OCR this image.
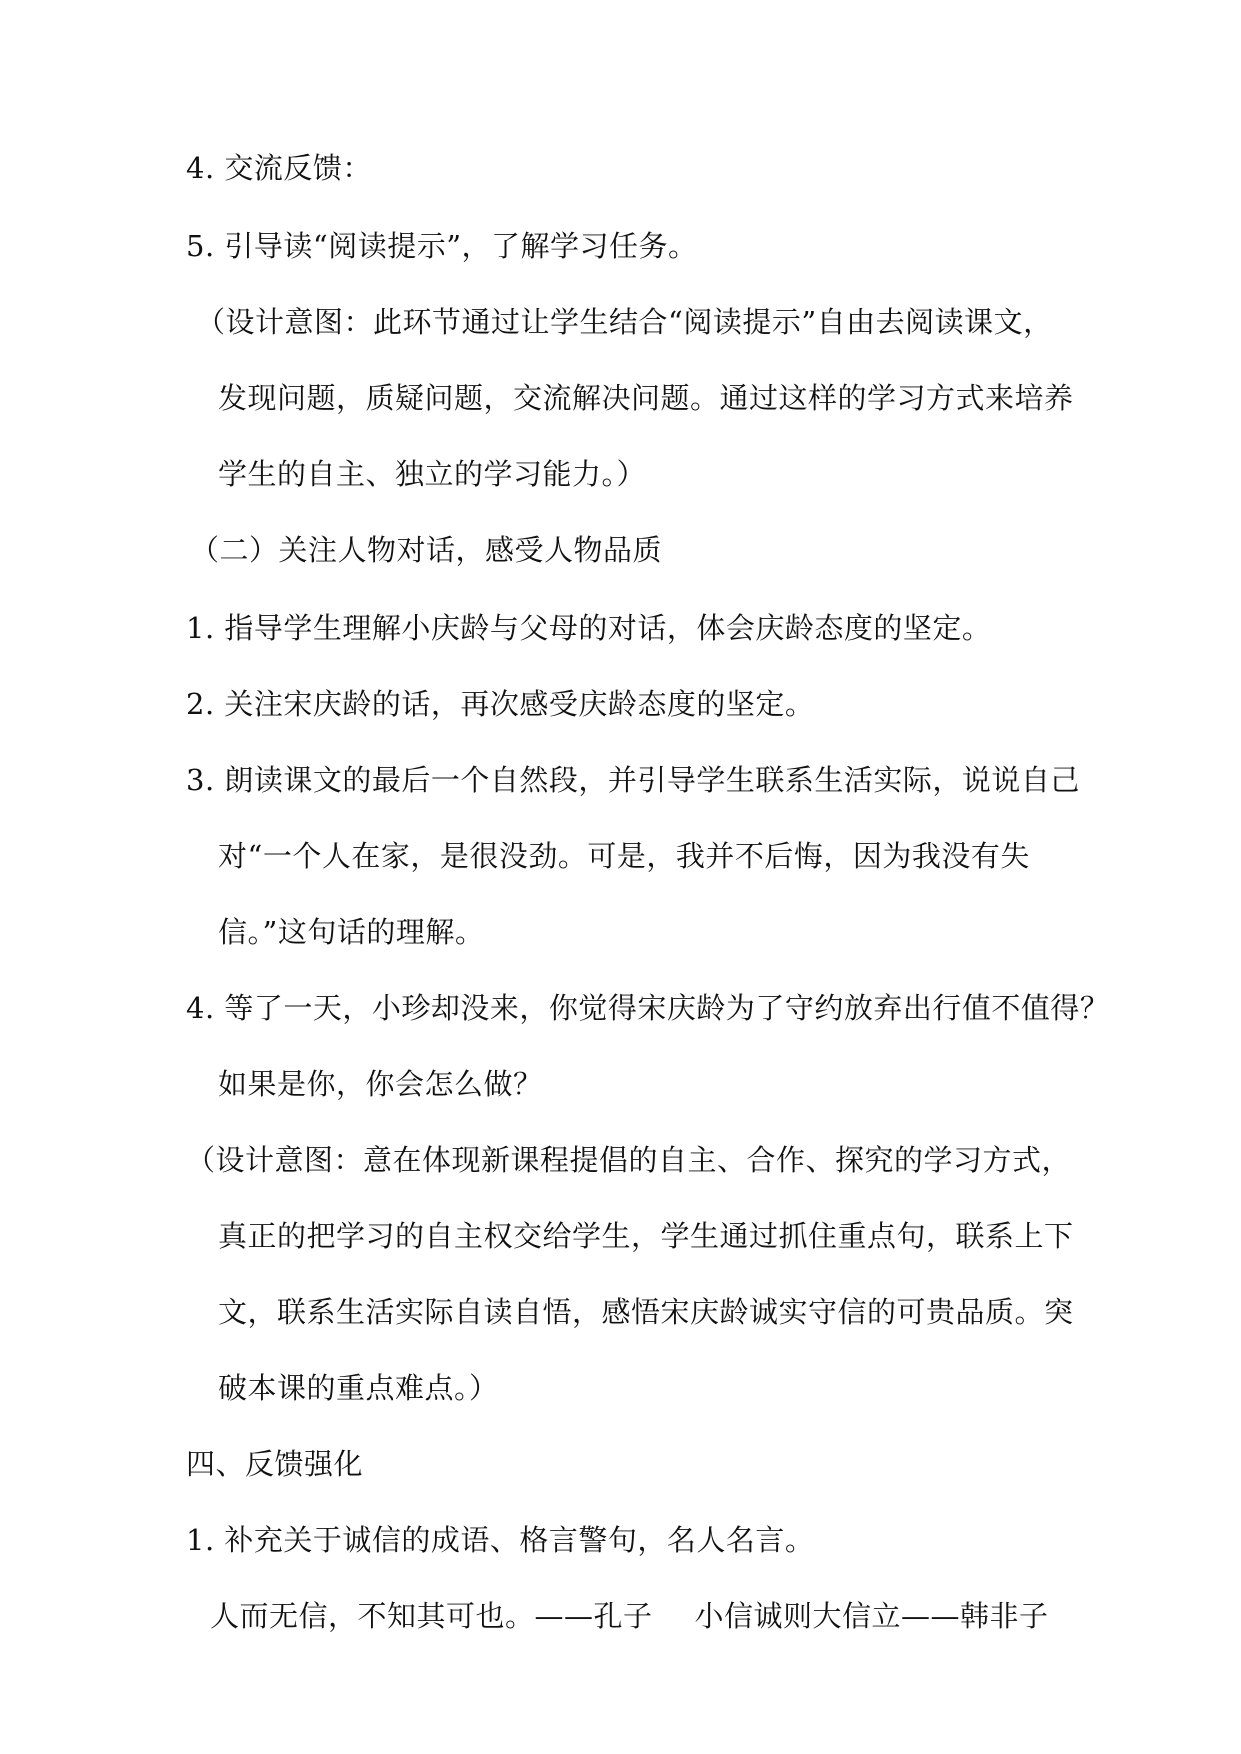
4. 交流反馈：
5. 引导读“阅读提示”，了解学习任务。
（设计意图：此环节通过让学生结合“阅读提示”自由去阅读课文，
发现问题，质疑问题，交流解决问题。通过这样的学习方式来培养
学生的自主、独立的学习能力。）
（二）关注人物对话，感受人物品质
1. 指导学生理解小庆龄与父母的对话，体会庆龄态度的坚定。
2. 关注宋庆龄的话，再次感受庆龄态度的坚定。
3. 朗读课文的最后一个自然段，并引导学生联系生活实际，说说自己
对“一个人在家，是很没劲。可是，我并不后悔，因为我没有失
信。”这句话的理解。
4. 等了一天，小珍却没来，你觉得宋庆龄为了守约放弃出行值不值得？
如果是你，你会怎么做？
（设计意图：意在体现新课程提倡的自主、合作、探究的学习方式，
真正的把学习的自主权交给学生，学生通过抓住重点句，联系上下
文，联系生活实际自读自悟，感悟宋庆龄诚实守信的可贵品质。突
破本课的重点难点。）
四、反馈强化
1. 补充关于诚信的成语、格言警句，名人名言。
人而无信，不知其可也。——孔子 小信诚则大信立——韩非子
